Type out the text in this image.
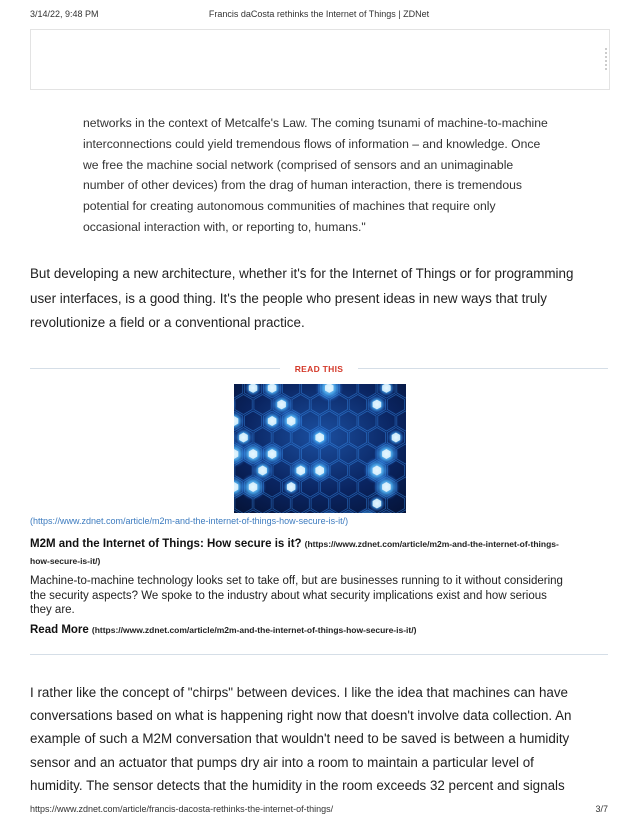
3/14/22, 9:48 PM	Francis daCosta rethinks the Internet of Things | ZDNet
networks in the context of Metcalfe's Law. The coming tsunami of machine-to-machine
interconnections could yield tremendous flows of information – and knowledge. Once
we free the machine social network (comprised of sensors and an unimaginable
number of other devices) from the drag of human interaction, there is tremendous
potential for creating autonomous communities of machines that require only
occasional interaction with, or reporting to, humans."
But developing a new architecture, whether it's for the Internet of Things or for programming
user interfaces, is a good thing. It's the people who present ideas in new ways that truly
revolutionize a field or a conventional practice.
READ THIS
(https://www.zdnet.com/article/m2m-and-the-internet-of-things-how-secure-is-it/)
M2M and the Internet of Things: How secure is it? (https://www.zdnet.com/article/m2m-and-the-internet-of-things-
how-secure-is-it/)
Machine-to-machine technology looks set to take off, but are businesses running to it without considering
the security aspects? We spoke to the industry about what security implications exist and how serious
they are.
Read More (https://www.zdnet.com/article/m2m-and-the-internet-of-things-how-secure-is-it/)
I rather like the concept of "chirps" between devices. I like the idea that machines can have
conversations based on what is happening right now that doesn't involve data collection. An
example of such a M2M conversation that wouldn't need to be saved is between a humidity
sensor and an actuator that pumps dry air into a room to maintain a particular level of
humidity. The sensor detects that the humidity in the room exceeds 32 percent and signals
https://www.zdnet.com/article/francis-dacosta-rethinks-the-internet-of-things/	3/7
